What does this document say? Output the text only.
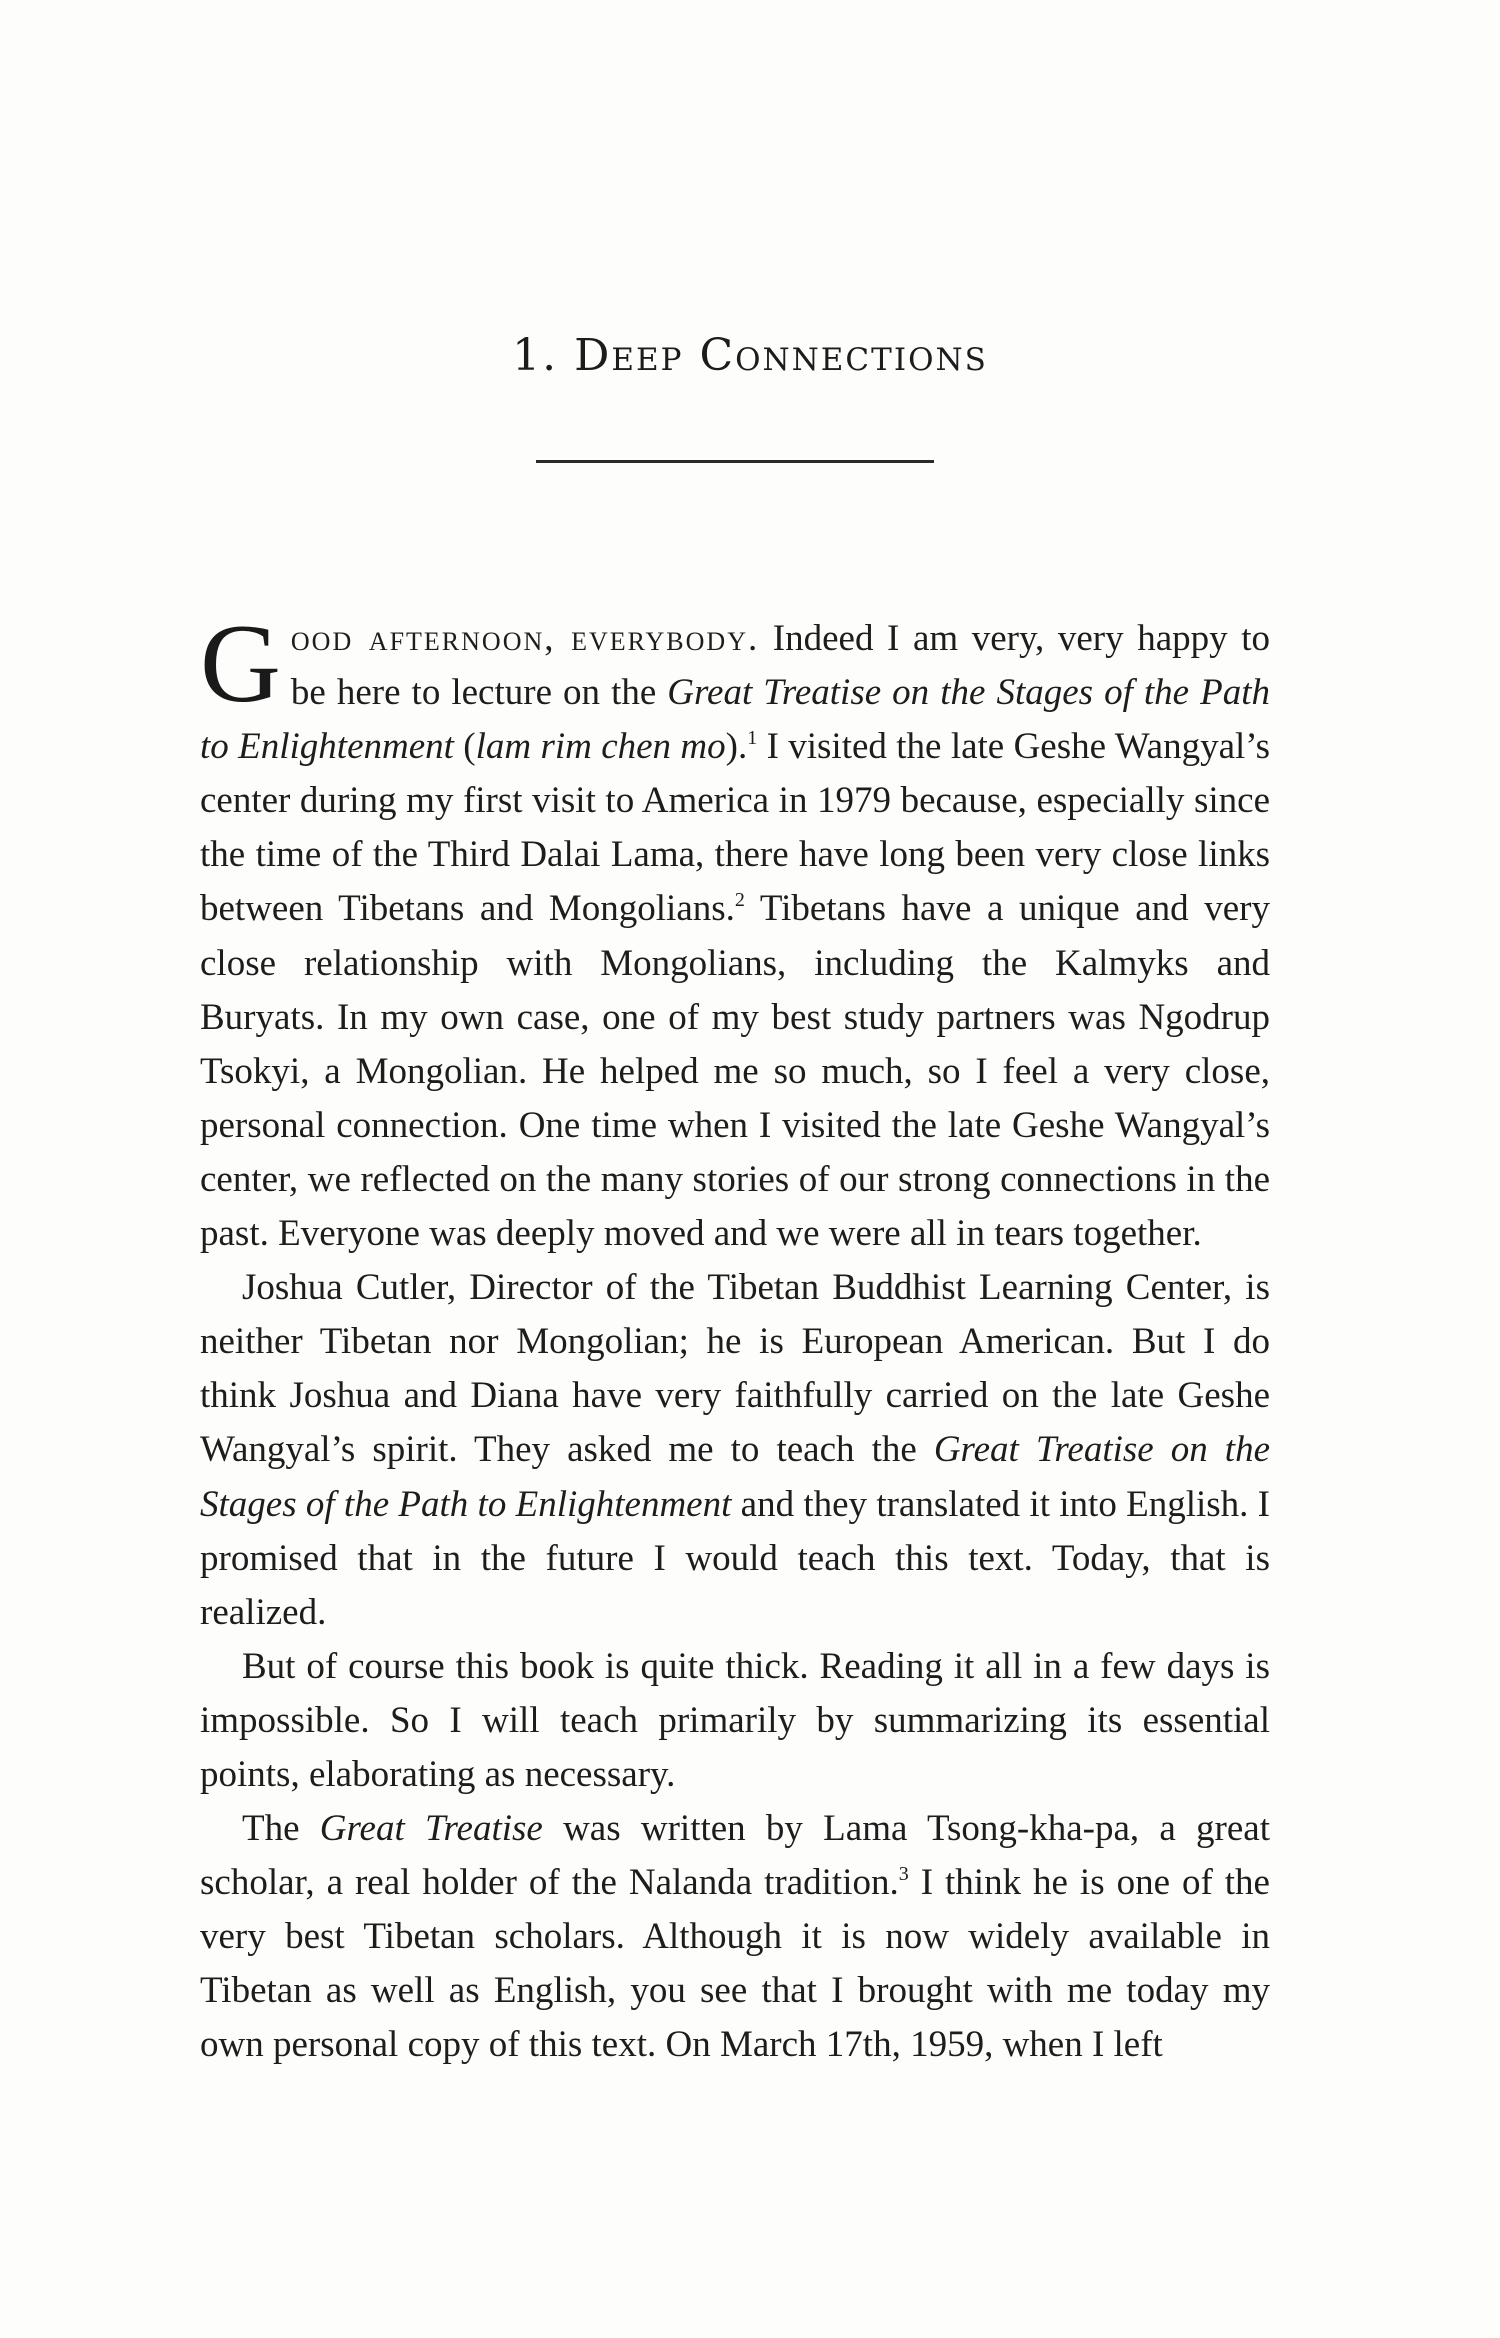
1. Deep Connections

Good afternoon, everybody. Indeed I am very, very happy to be here to lecture on the Great Treatise on the Stages of the Path to Enlightenment (lam rim chen mo).$^1$ I visited the late Geshe Wangyal’s center during my first visit to America in 1979 because, especially since the time of the Third Dalai Lama, there have long been very close links between Tibetans and Mongolians.$^2$ Tibetans have a unique and very close relationship with Mongolians, including the Kalmyks and Buryats. In my own case, one of my best study partners was Ngodrup Tsokyi, a Mongolian. He helped me so much, so I feel a very close, personal connection. One time when I visited the late Geshe Wangyal’s center, we reflected on the many stories of our strong connections in the past. Everyone was deeply moved and we were all in tears together.

Joshua Cutler, Director of the Tibetan Buddhist Learning Center, is neither Tibetan nor Mongolian; he is European American. But I do think Joshua and Diana have very faithfully carried on the late Geshe Wangyal’s spirit. They asked me to teach the Great Treatise on the Stages of the Path to Enlightenment and they translated it into English. I promised that in the future I would teach this text. Today, that is realized.

But of course this book is quite thick. Reading it all in a few days is impossible. So I will teach primarily by summarizing its essential points, elaborating as necessary.

The Great Treatise was written by Lama Tsong-kha-pa, a great scholar, a real holder of the Nalanda tradition.$^3$ I think he is one of the very best Tibetan scholars. Although it is now widely available in Tibetan as well as English, you see that I brought with me today my own personal copy of this text. On March 17th, 1959, when I left
